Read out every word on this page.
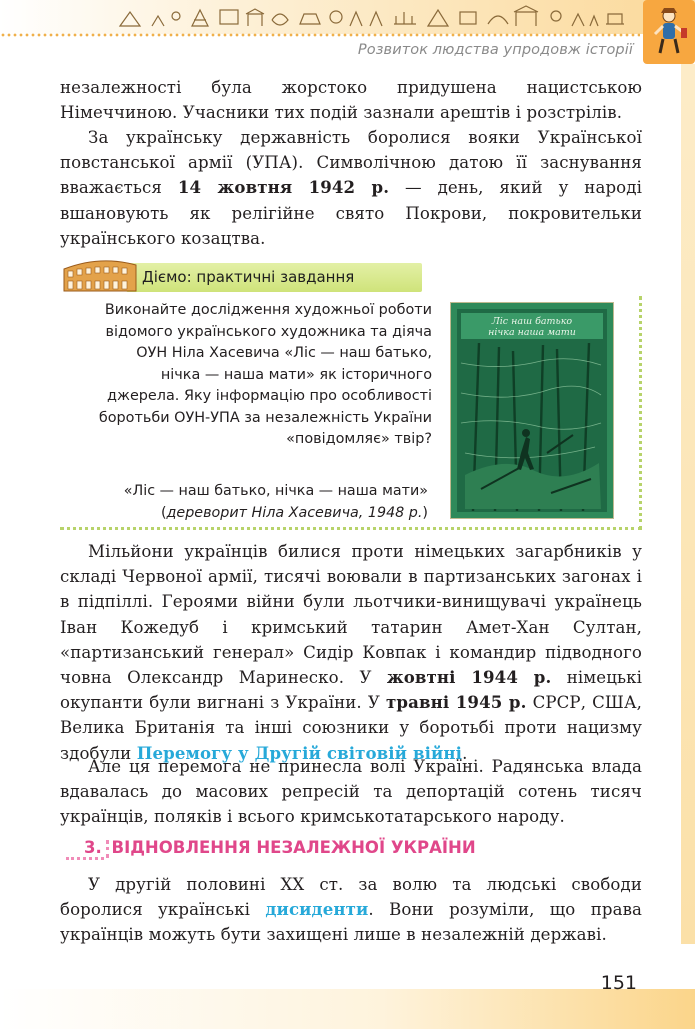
Розвиток людства упродовж історії

незалежності була жорстоко придушена нацистською Німеччиною. Учасники тих подій зазнали арештів і розстрілів.

За українську державність боролися вояки Української повстанської армії (УПА). Символічною датою її заснування вважається 14 жовтня 1942 р. — день, який у народі вшановують як релігійне свято Покрови, покровительки українського козацтва.

Діємо: практичні завдання

Виконайте дослідження художньої роботи відомого українського художника та діяча ОУН Ніла Хасевича «Ліс — наш батько, нічка — наша мати» як історичного джерела. Яку інформацію про особливості боротьби ОУН-УПА за незалежність України «повідомляє» твір?

Ліс наш батько
нічка наша мати
«Ліс — наш батько, нічка — наша мати»
(дереворит Ніла Хасевича, 1948 р.)

Мільйони українців билися проти німецьких загарбників у складі Червоної армії, тисячі воювали в партизанських загонах і в підпіллі. Героями війни були льотчики-винищувачі українець Іван Кожедуб і кримський татарин Амет-Хан Султан, «партизанський генерал» Сидір Ковпак і командир підводного човна Олександр Маринеско. У жовтні 1944 р. німецькі окупанти були вигнані з України. У травні 1945 р. СРСР, США, Велика Британія та інші союзники у боротьбі проти нацизму здобули Перемогу у Другій світовій війні.

Але ця перемога не принесла волі Україні. Радянська влада вдавалась до масових репресій та депортацій сотень тисяч українців, поляків і всього кримськотатарського народу.

3. ВІДНОВЛЕННЯ НЕЗАЛЕЖНОЇ УКРАЇНИ

У другій половині XX ст. за волю та людські свободи боролися українські дисиденти. Вони розуміли, що права українців можуть бути захищені лише в незалежній державі.

151
